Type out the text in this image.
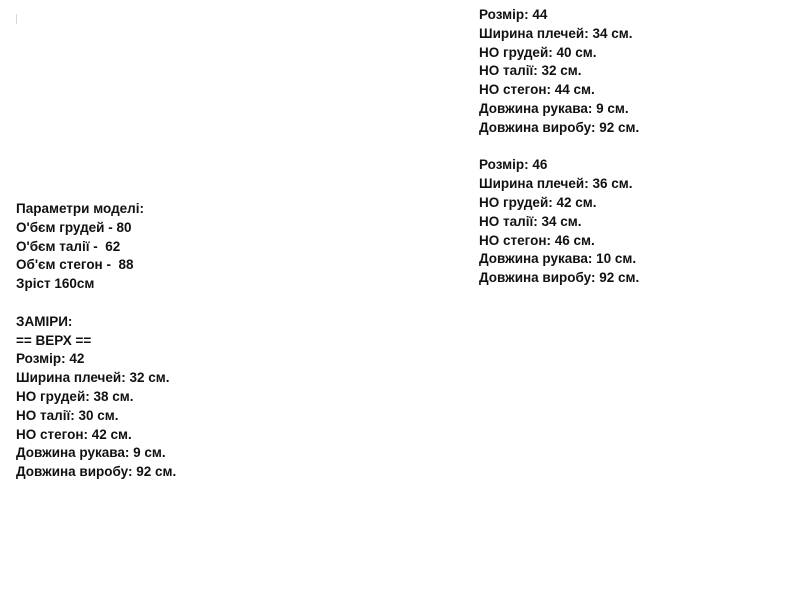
Параметри моделі:
О'бєм грудей - 80
О'бєм талії -  62
Об'єм стегон -  88
Зріст 160см
ЗАМІРИ:
== ВЕРХ ==
Розмір: 42
Ширина плечей: 32 см.
НО грудей: 38 см.
НО талії: 30 см.
НО стегон: 42 см.
Довжина рукава: 9 см.
Довжина виробу: 92 см.
Розмір: 44
Ширина плечей: 34 см.
НО грудей: 40 см.
НО талії: 32 см.
НО стегон: 44 см.
Довжина рукава: 9 см.
Довжина виробу: 92 см.
Розмір: 46
Ширина плечей: 36 см.
НО грудей: 42 см.
НО талії: 34 см.
НО стегон: 46 см.
Довжина рукава: 10 см.
Довжина виробу: 92 см.
